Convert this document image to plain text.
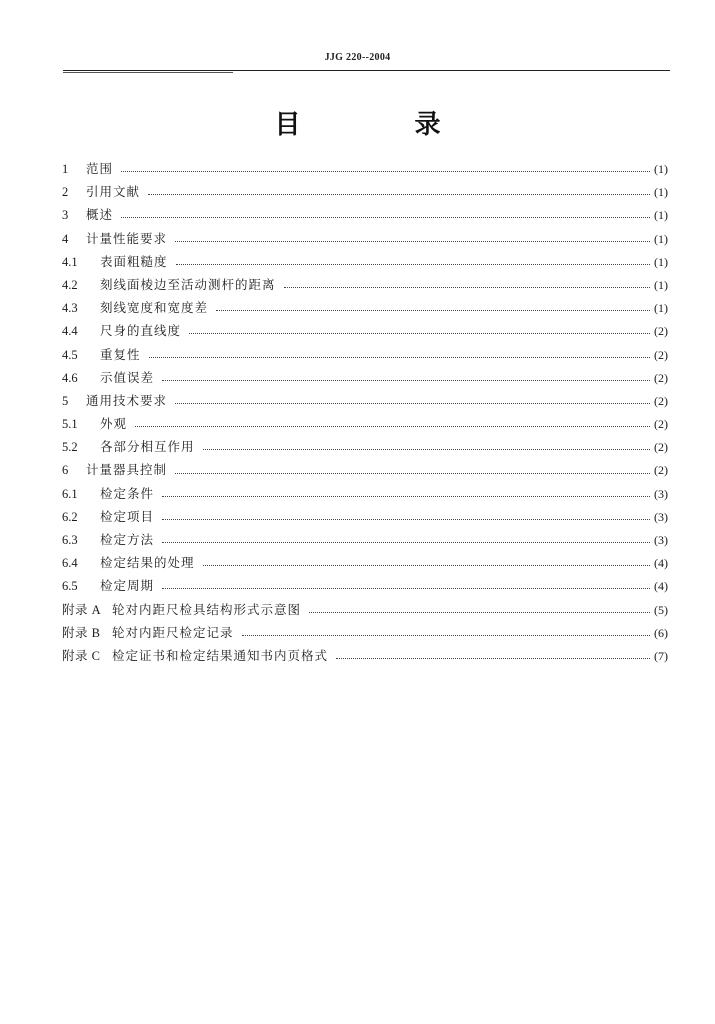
JJG 220--2004
目　录
1	范围	(1)
2	引用文献	(1)
3	概述	(1)
4	计量性能要求	(1)
4.1	表面粗糙度	(1)
4.2	刻线面棱边至活动测杆的距离	(1)
4.3	刻线宽度和宽度差	(1)
4.4	尺身的直线度	(2)
4.5	重复性	(2)
4.6	示值误差	(2)
5	通用技术要求	(2)
5.1	外观	(2)
5.2	各部分相互作用	(2)
6	计量器具控制	(2)
6.1	检定条件	(3)
6.2	检定项目	(3)
6.3	检定方法	(3)
6.4	检定结果的处理	(4)
6.5	检定周期	(4)
附录 A 轮对内距尺检具结构形式示意图	(5)
附录 B 轮对内距尺检定记录	(6)
附录 C 检定证书和检定结果通知书内页格式	(7)
